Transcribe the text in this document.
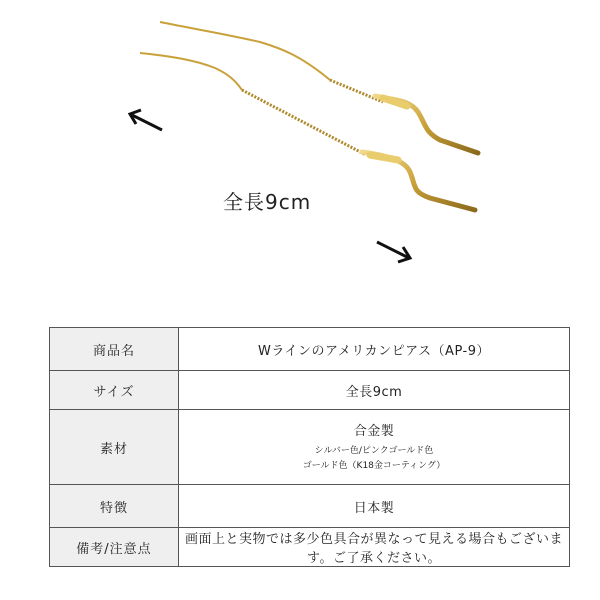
全長9cm
商品名	Wラインのアメリカンピアス（AP-9）
サイズ	全長9cm
素材	合金製
シルバー色/ピンクゴールド色
ゴールド色（K18金コーティング）

特徴	日本製
備考/注意点	画面上と実物では多少色具合が異なって見える場合もございます。ご了承ください。
